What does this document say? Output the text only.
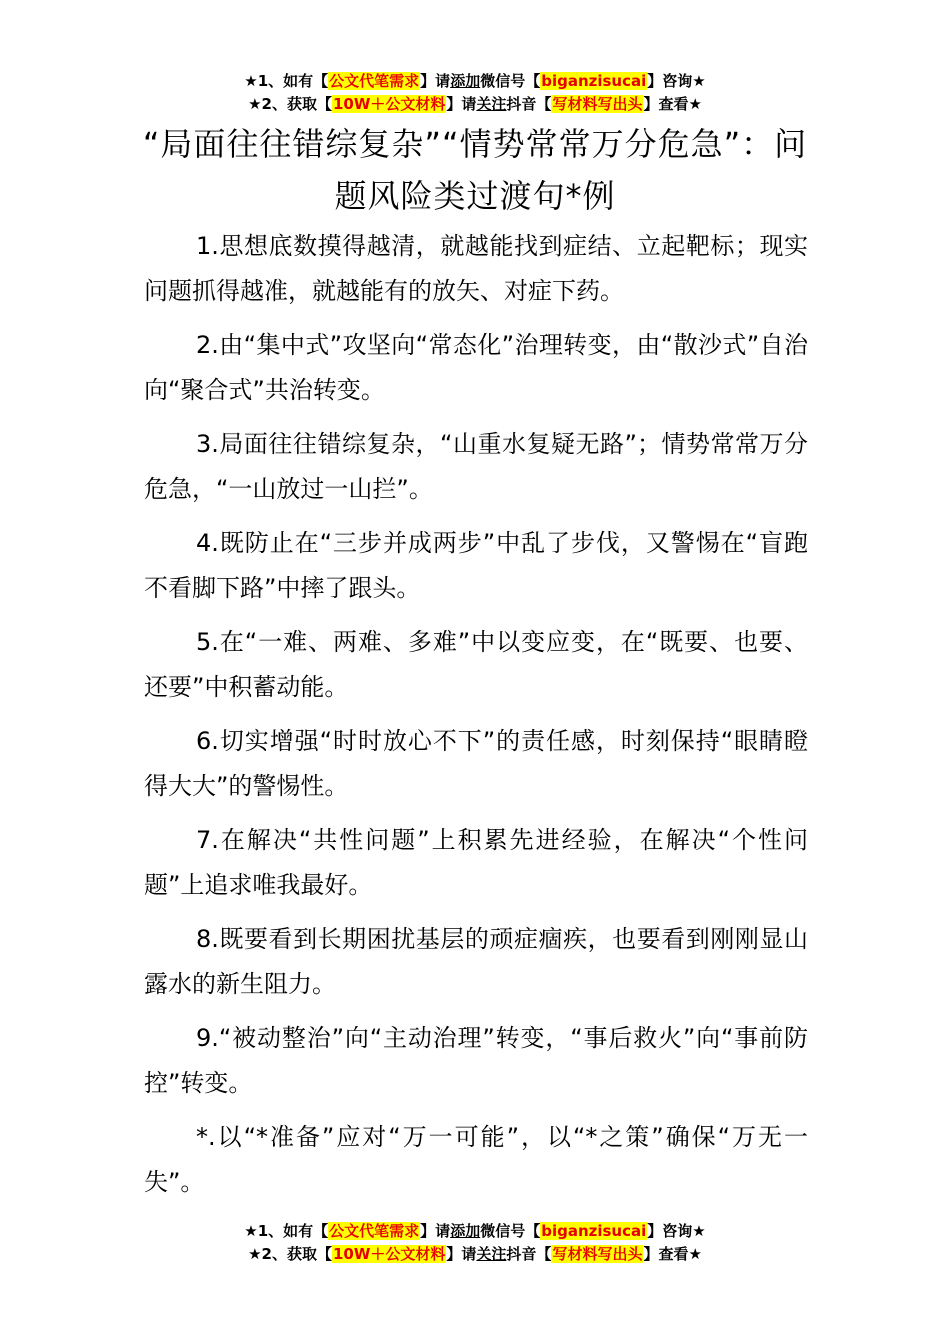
★1、如有【公文代笔需求】请添加微信号【biganzisucai】咨询★
★2、获取【10W＋公文材料】请关注抖音【写材料写出头】查看★
“局面往往错综复杂”“情势常常万分危急”：问题风险类过渡句*例

1.思想底数摸得越清，就越能找到症结、立起靶标；现实问题抓得越准，就越能有的放矢、对症下药。

2.由“集中式”攻坚向“常态化”治理转变，由“散沙式”自治向“聚合式”共治转变。

3.局面往往错综复杂，“山重水复疑无路”；情势常常万分危急，“一山放过一山拦”。

4.既防止在“三步并成两步”中乱了步伐，又警惕在“盲跑不看脚下路”中摔了跟头。

5.在“一难、两难、多难”中以变应变，在“既要、也要、还要”中积蓄动能。

6.切实增强“时时放心不下”的责任感，时刻保持“眼睛瞪得大大”的警惕性。

7.在解决“共性问题”上积累先进经验，在解决“个性问题”上追求唯我最好。

8.既要看到长期困扰基层的顽症痼疾，也要看到刚刚显山露水的新生阻力。

9.“被动整治”向“主动治理”转变，“事后救火”向“事前防控”转变。

*.以“*准备”应对“万一可能”，以“*之策”确保“万无一失”。

★1、如有【公文代笔需求】请添加微信号【biganzisucai】咨询★
★2、获取【10W＋公文材料】请关注抖音【写材料写出头】查看★
